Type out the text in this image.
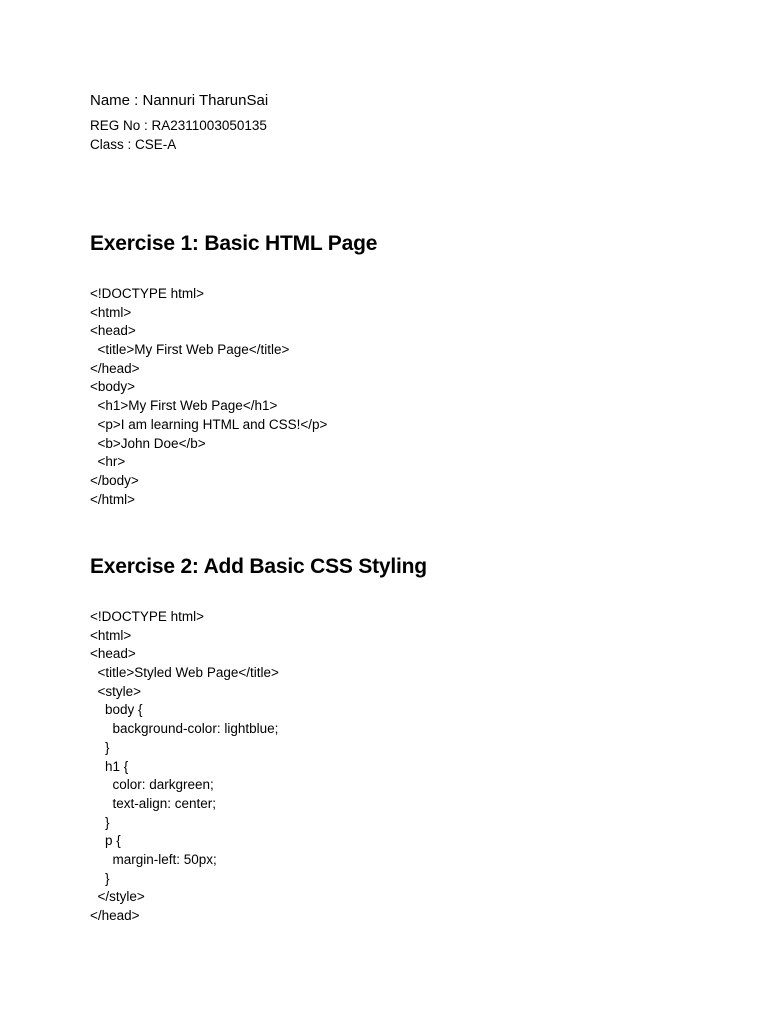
Name : Nannuri TharunSai
REG No : RA2311003050135
Class : CSE-A
Exercise 1: Basic HTML Page
<!DOCTYPE html>
<html>
<head>
<title>My First Web Page</title>
</head>
<body>
<h1>My First Web Page</h1>
<p>I am learning HTML and CSS!</p>
<b>John Doe</b>
<hr>
</body>
</html>
Exercise 2: Add Basic CSS Styling
<!DOCTYPE html>
<html>
<head>
<title>Styled Web Page</title>
<style>
body {
background-color: lightblue;
}
h1 {
color: darkgreen;
text-align: center;
}
p {
margin-left: 50px;
}
</style>
</head>
